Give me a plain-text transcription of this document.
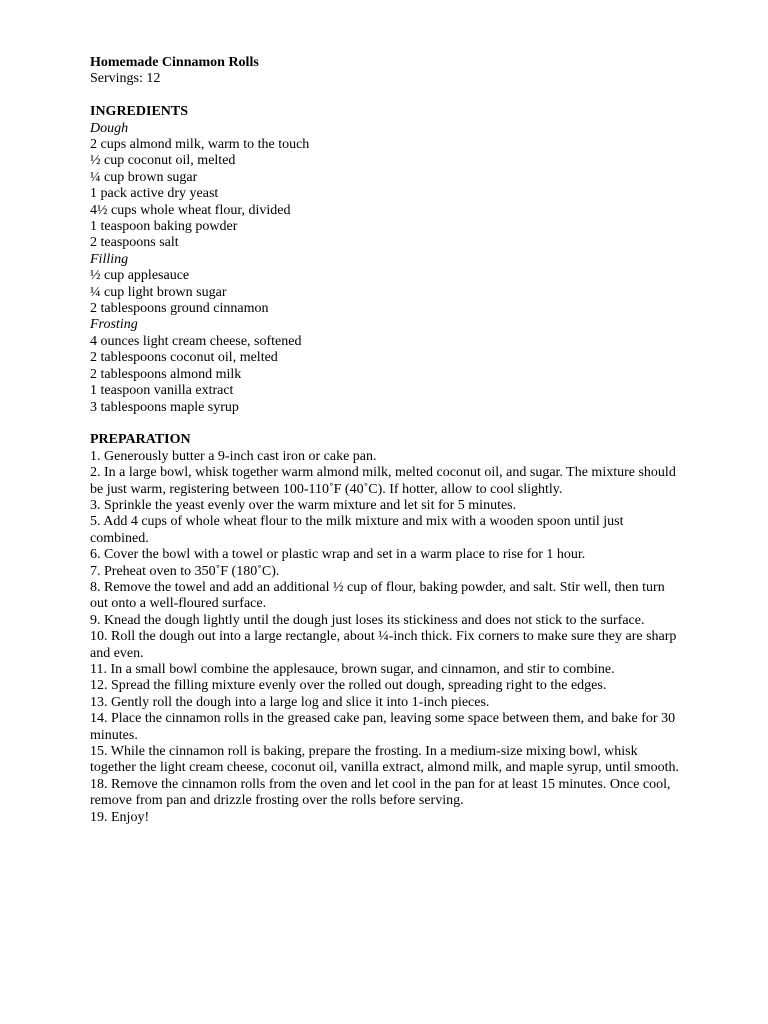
Homemade Cinnamon Rolls
Servings: 12
INGREDIENTS
Dough
2 cups almond milk, warm to the touch
½ cup coconut oil, melted
¼ cup brown sugar
1 pack active dry yeast
4½ cups whole wheat flour, divided
1 teaspoon baking powder
2 teaspoons salt
Filling
½ cup applesauce
¼ cup light brown sugar
2 tablespoons ground cinnamon
Frosting
4 ounces light cream cheese, softened
2 tablespoons coconut oil, melted
2 tablespoons almond milk
1 teaspoon vanilla extract
3 tablespoons maple syrup
PREPARATION
1. Generously butter a 9-inch cast iron or cake pan.
2. In a large bowl, whisk together warm almond milk, melted coconut oil, and sugar. The mixture should be just warm, registering between 100-110˚F (40˚C). If hotter, allow to cool slightly.
3. Sprinkle the yeast evenly over the warm mixture and let sit for 5 minutes.
5. Add 4 cups of whole wheat flour to the milk mixture and mix with a wooden spoon until just combined.
6. Cover the bowl with a towel or plastic wrap and set in a warm place to rise for 1 hour.
7. Preheat oven to 350˚F (180˚C).
8. Remove the towel and add an additional ½ cup of flour, baking powder, and salt. Stir well, then turn out onto a well-floured surface.
9. Knead the dough lightly until the dough just loses its stickiness and does not stick to the surface.
10. Roll the dough out into a large rectangle, about ¼-inch thick. Fix corners to make sure they are sharp and even.
11. In a small bowl combine the applesauce, brown sugar, and cinnamon, and stir to combine.
12. Spread the filling mixture evenly over the rolled out dough, spreading right to the edges.
13. Gently roll the dough into a large log and slice it into 1-inch pieces.
14. Place the cinnamon rolls in the greased cake pan, leaving some space between them, and bake for 30 minutes.
15. While the cinnamon roll is baking, prepare the frosting. In a medium-size mixing bowl, whisk together the light cream cheese, coconut oil, vanilla extract, almond milk, and maple syrup, until smooth.
18. Remove the cinnamon rolls from the oven and let cool in the pan for at least 15 minutes. Once cool, remove from pan and drizzle frosting over the rolls before serving.
19. Enjoy!
